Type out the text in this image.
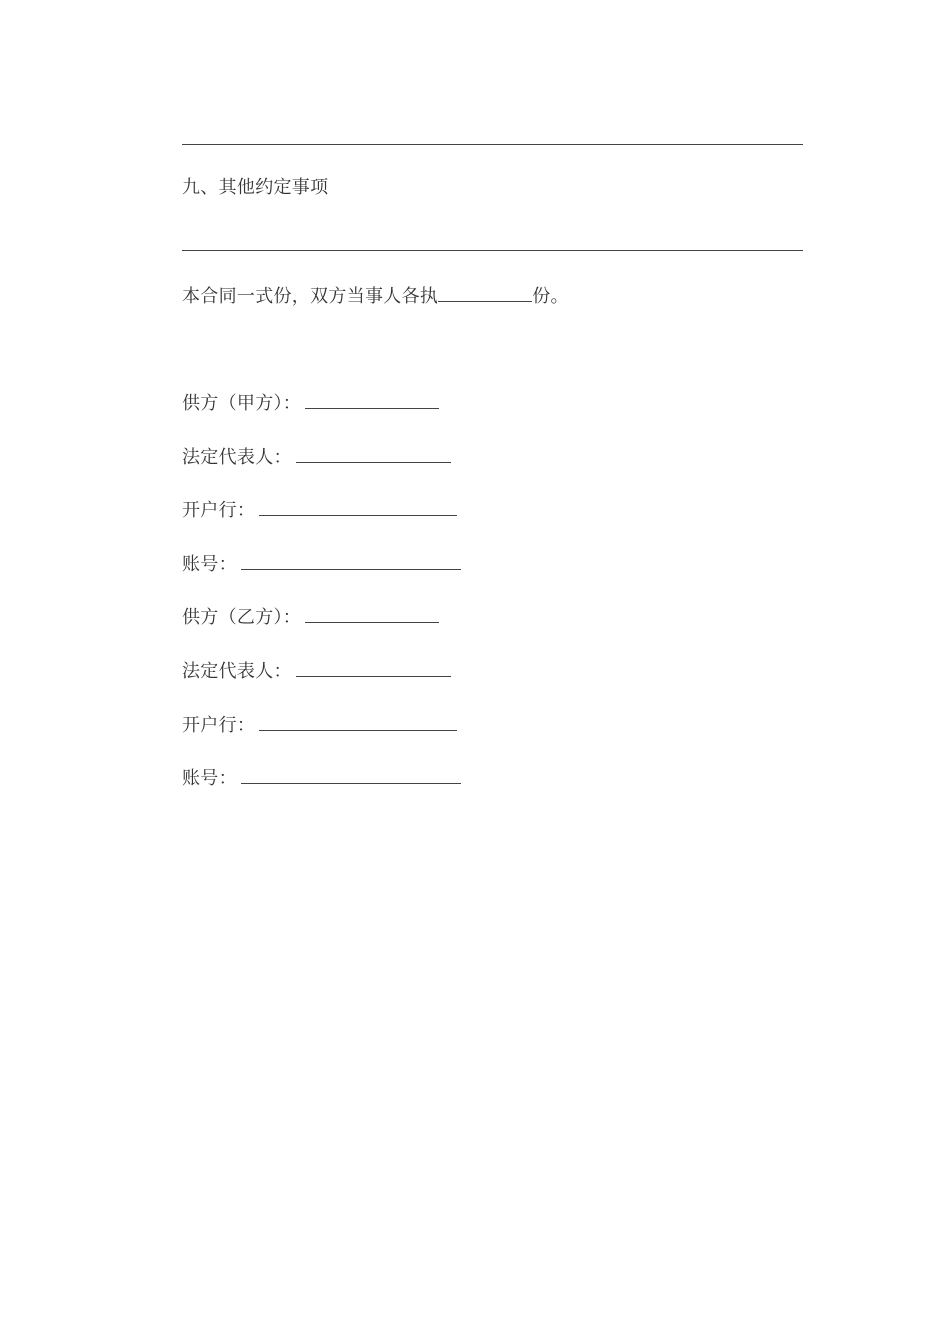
九、其他约定事项
本合同一式份，双方当事人各执	份。
供方（甲方）：
法定代表人：
开户行：
账号：
供方（乙方）：
法定代表人：
开户行：
账号：
